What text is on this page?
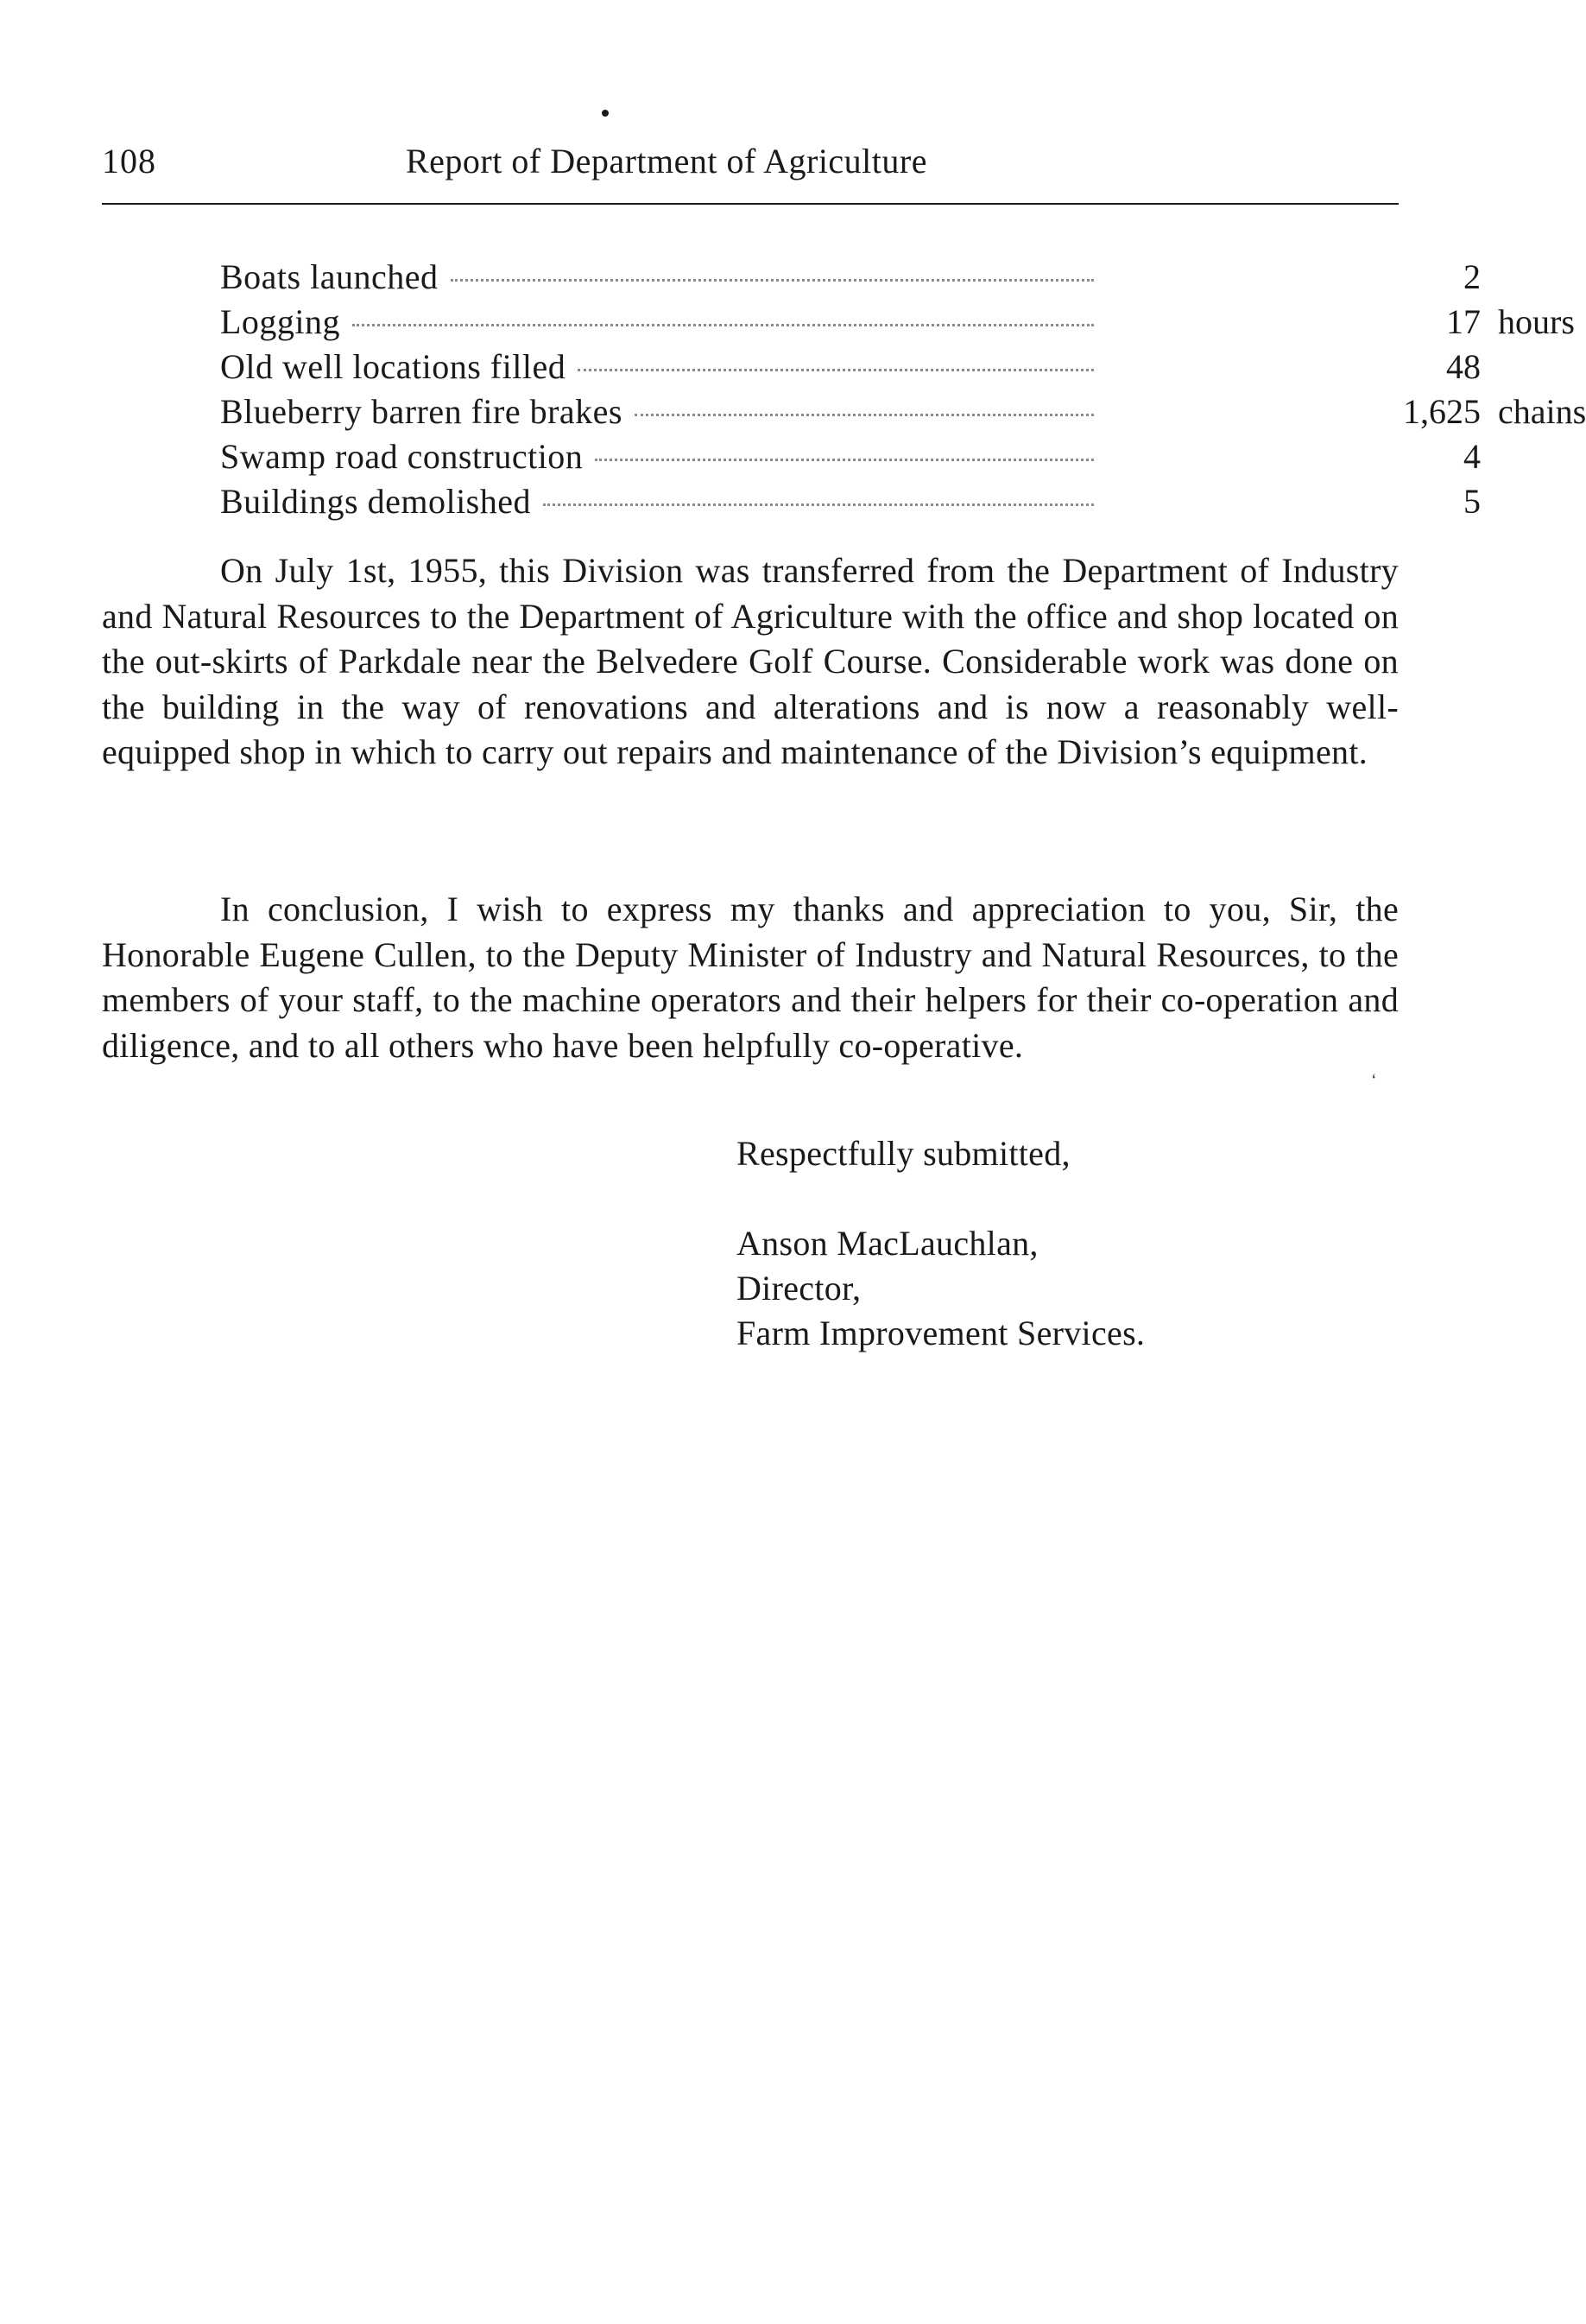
108	Report of Department of Agriculture
Boats launched	2
Logging	17 hours
Old well locations filled	48
Blueberry barren fire brakes	1,625 chains
Swamp road construction	4
Buildings demolished	5

On July 1st, 1955, this Division was transferred from the Department of Industry and Natural Resources to the Department of Agriculture with the office and shop located on the out-skirts of Parkdale near the Belvedere Golf Course. Considerable work was done on the building in the way of renovations and alterations and is now a reasonably well-equipped shop in which to carry out repairs and maintenance of the Division’s equipment.

In conclusion, I wish to express my thanks and appreciation to you, Sir, the Honorable Eugene Cullen, to the Deputy Minister of Industry and Natural Resources, to the members of your staff, to the machine operators and their helpers for their co-operation and diligence, and to all others who have been helpfully co-operative.

‘
Respectfully submitted,
Anson MacLauchlan,
Director,
Farm Improvement Services.
